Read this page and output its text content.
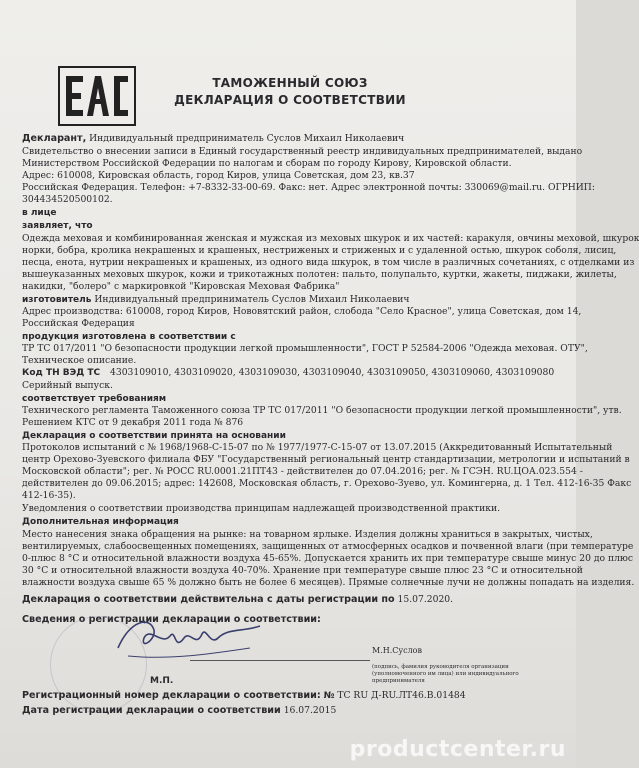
ТАМОЖЕННЫЙ СОЮЗ
ДЕКЛАРАЦИЯ О СООТВЕТСТВИИ
Декларант, Индивидуальный предприниматель Суслов Михаил Николаевич
Свидетельство о внесении записи в Единый государственный реестр индивидуальных предпринимателей, выдано
Министерством Российской Федерации по налогам и сборам по городу Кирову, Кировской области.
Адрес: 610008, Кировская область, город Киров, улица Советская, дом 23, кв.37
Российская Федерация. Телефон: +7-8332-33-00-69. Факс: нет. Адрес электронной почты: 330069@mail.ru. ОГРНИП:
304434520500102.
в лице
заявляет, что
Одежда меховая и комбинированная женская и мужская из меховых шкурок и их частей: каракуля, овчины меховой, шкурок
норки, бобра, кролика некрашеных и крашеных, нестриженых и стриженых и с удаленной остью, шкурок соболя, лисиц,
песца, енота, нутрии некрашеных и крашеных, из одного вида шкурок, в том числе в различных сочетаниях, с отделками из
вышеуказанных меховых шкурок, кожи и трикотажных полотен: пальто, полупальто, куртки, жакеты, пиджаки, жилеты,
накидки, "болеро" с маркировкой "Кировская Меховая Фабрика"
изготовитель Индивидуальный предприниматель Суслов Михаил Николаевич
Адрес производства: 610008, город Киров, Нововятский район, слобода "Село Красное", улица Советская, дом 14,
Российская Федерация
продукция изготовлена в соответствии с
ТР ТС 017/2011 "О безопасности продукции легкой промышленности", ГОСТ Р 52584-2006 "Одежда меховая. ОТУ",
Техническое описание.
Код ТН ВЭД ТС 4303109010, 4303109020, 4303109030, 4303109040, 4303109050, 4303109060, 4303109080
Серийный выпуск.
соответствует требованиям
Технического регламента Таможенного союза ТР ТС 017/2011 "О безопасности продукции легкой промышленности", утв.
Решением КТС от 9 декабря 2011 года № 876
Декларация о соответствии принята на основании
Протоколов испытаний с № 1968/1968-С-15-07 по № 1977/1977-С-15-07 от 13.07.2015 (Аккредитованный Испытательный
центр Орехово-Зуевского филиала ФБУ "Государственный региональный центр стандартизации, метрологии и испытаний в
Московской области"; рег. № РОСС RU.0001.21ПТ43 - действителен до 07.04.2016; рег. № ГСЭН. RU.ЦОА.023.554 -
действителен до 09.06.2015; адрес: 142608, Московская область, г. Орехово-Зуево, ул. Комингерна, д. 1 Тел. 412-16-35 Факс
412-16-35).
Уведомления о соответствии производства принципам надлежащей производственной практики.
Дополнительная информация
Место нанесения знака обращения на рынке: на товарном ярлыке. Изделия должны храниться в закрытых, чистых,
вентилируемых, слабоосвещенных помещениях, защищенных от атмосферных осадков и почвенной влаги (при температуре
0-плюс 8 °С и относительной влажности воздуха 45-65%. Допускается хранить их при температуре свыше минус 20 до плюс
30 °С и относительной влажности воздуха 40-70%. Хранение при температуре свыше плюс 23 °С и относительной
влажности воздуха свыше 65 % должно быть не более 6 месяцев). Прямые солнечные лучи не должны попадать на изделия.
Декларация о соответствии действительна с даты регистрации по 15.07.2020.
Сведения о регистрации декларации о соответствии:
М.Н.Суслов
(подпись, фамилия руководителя организации (уполномоченного им лица) или индивидуального предпринимателя
М.П.
Регистрационный номер декларации о соответствии: № ТС RU Д-RU.ЛТ46.В.01484
Дата регистрации декларации о соответствии 16.07.2015
productcenter.ru
